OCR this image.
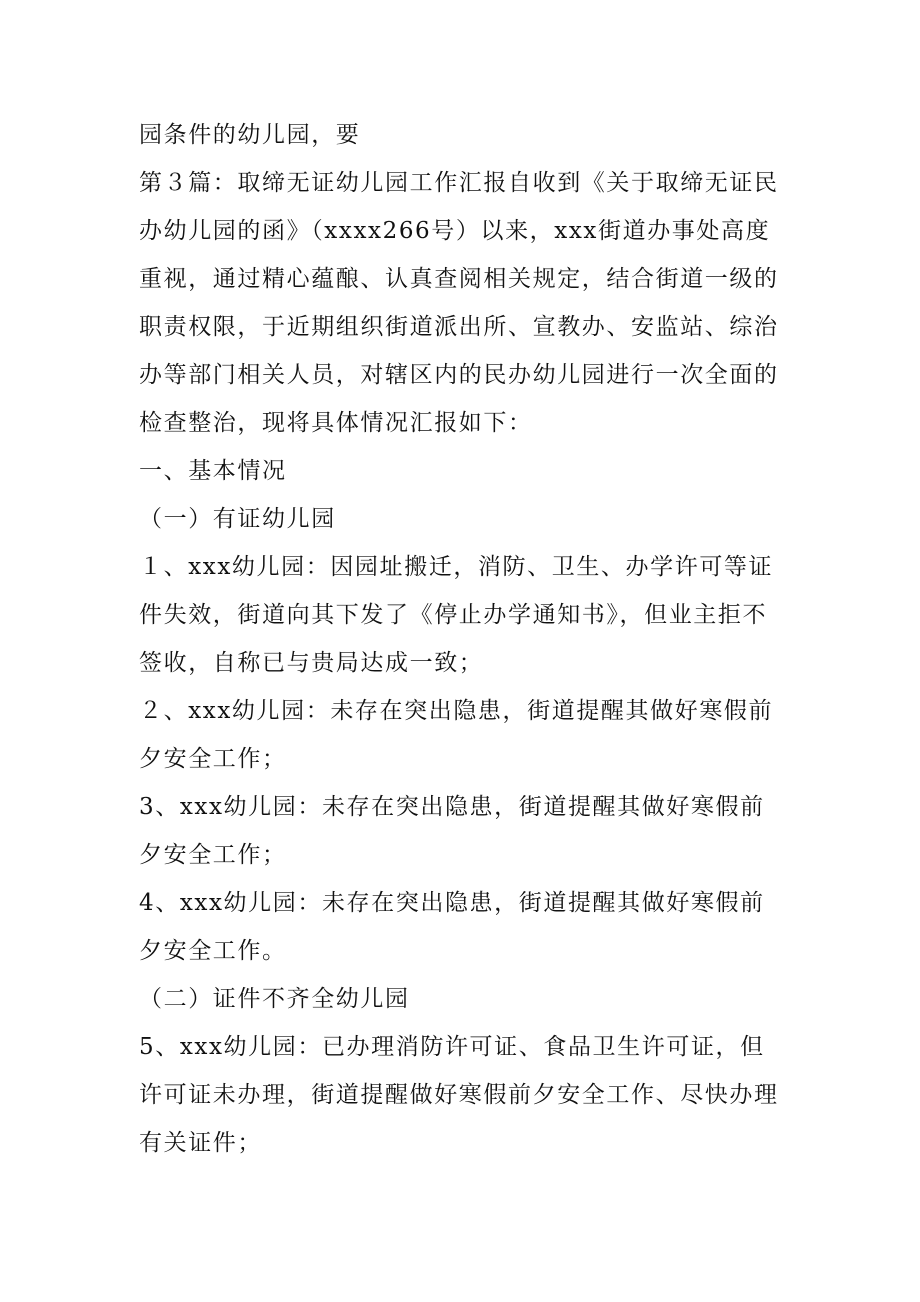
园条件的幼儿园，要

第３篇：取缔无证幼儿园工作汇报自收到《关于取缔无证民办幼儿园的函》（xxxx266号）以来，xxx街道办事处高度重视，通过精心蕴酿、认真查阅相关规定，结合街道一级的职责权限，于近期组织街道派出所、宣教办、安监站、综治办等部门相关人员，对辖区内的民办幼儿园进行一次全面的检查整治，现将具体情况汇报如下：

一、基本情况

（一）有证幼儿园

１、xxx幼儿园：因园址搬迁，消防、卫生、办学许可等证件失效，街道向其下发了《停止办学通知书》，但业主拒不签收，自称已与贵局达成一致；

２、xxx幼儿园：未存在突出隐患，街道提醒其做好寒假前夕安全工作；

3、xxx幼儿园：未存在突出隐患，街道提醒其做好寒假前夕安全工作；

4、xxx幼儿园：未存在突出隐患，街道提醒其做好寒假前夕安全工作。

（二）证件不齐全幼儿园

5、xxx幼儿园：已办理消防许可证、食品卫生许可证，但许可证未办理，街道提醒做好寒假前夕安全工作、尽快办理有关证件；
